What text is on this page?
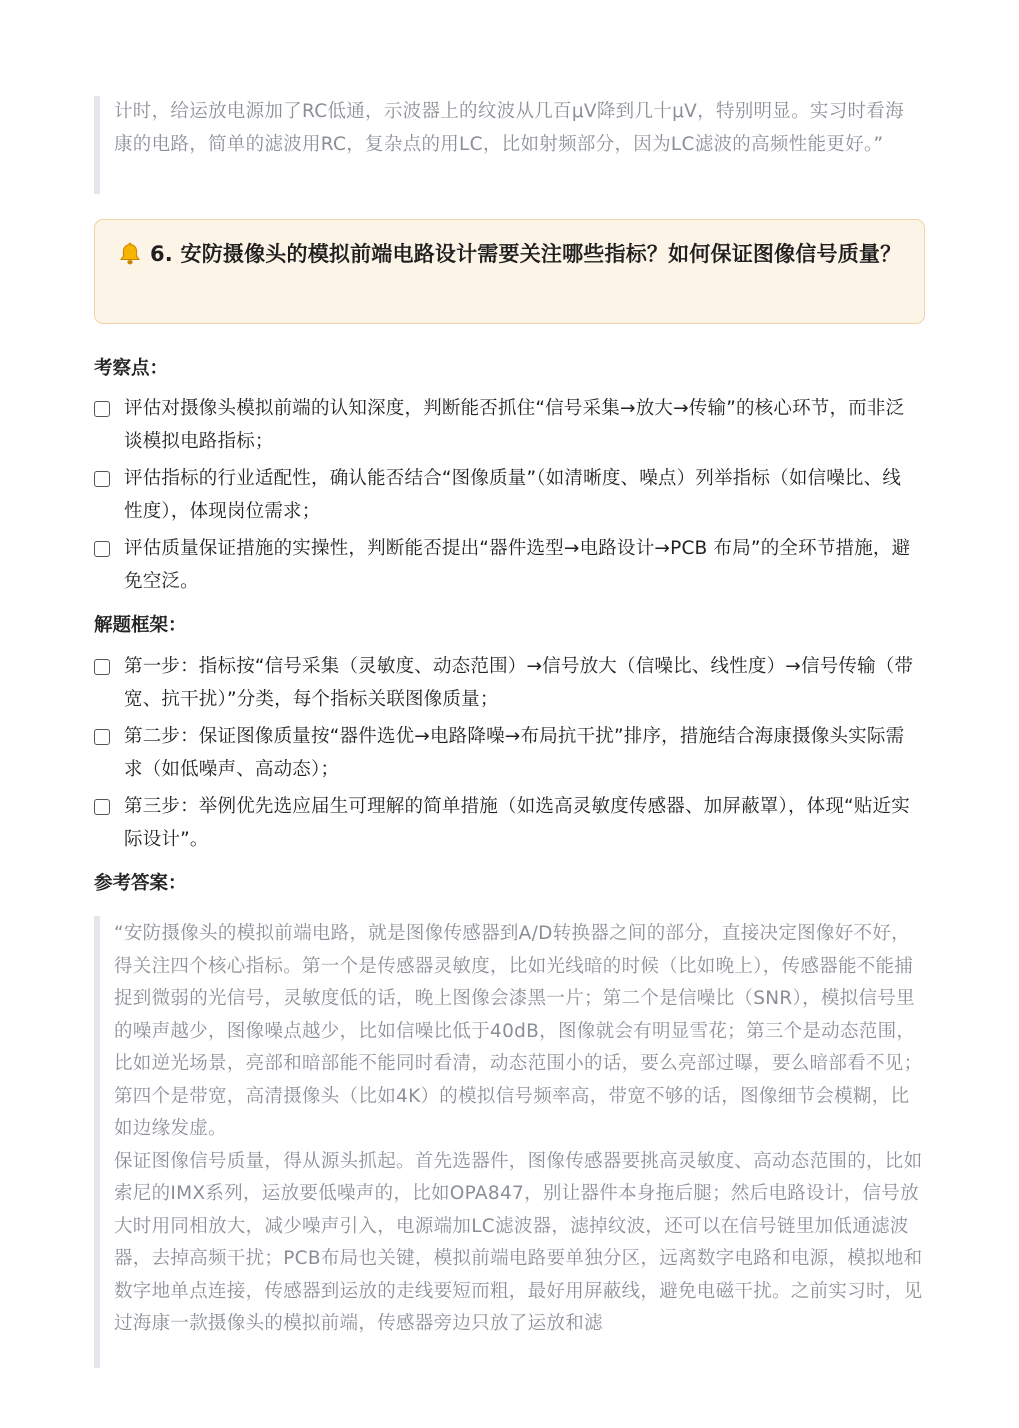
计时，给运放电源加了RC低通，示波器上的纹波从几百μV降到几十μV，特别明显。实习时看海康的电路，简单的滤波用RC，复杂点的用LC，比如射频部分，因为LC滤波的高频性能更好。”

6. 安防摄像头的模拟前端电路设计需要关注哪些指标？如何保证图像信号质量？
考察点：
评估对摄像头模拟前端的认知深度，判断能否抓住“信号采集→放大→传输”的核心环节，而非泛谈模拟电路指标；
评估指标的行业适配性，确认能否结合“图像质量”（如清晰度、噪点）列举指标（如信噪比、线性度），体现岗位需求；
评估质量保证措施的实操性，判断能否提出“器件选型→电路设计→PCB 布局”的全环节措施，避免空泛。
解题框架：
第一步：指标按“信号采集（灵敏度、动态范围）→信号放大（信噪比、线性度）→信号传输（带宽、抗干扰）”分类，每个指标关联图像质量；
第二步：保证图像质量按“器件选优→电路降噪→布局抗干扰”排序，措施结合海康摄像头实际需求（如低噪声、高动态）；
第三步：举例优先选应届生可理解的简单措施（如选高灵敏度传感器、加屏蔽罩），体现“贴近实际设计”。
参考答案：

“安防摄像头的模拟前端电路，就是图像传感器到A/D转换器之间的部分，直接决定图像好不好，得关注四个核心指标。第一个是传感器灵敏度，比如光线暗的时候（比如晚上），传感器能不能捕捉到微弱的光信号，灵敏度低的话，晚上图像会漆黑一片；第二个是信噪比（SNR），模拟信号里的噪声越少，图像噪点越少，比如信噪比低于40dB，图像就会有明显雪花；第三个是动态范围，比如逆光场景，亮部和暗部能不能同时看清，动态范围小的话，要么亮部过曝，要么暗部看不见；第四个是带宽，高清摄像头（比如4K）的模拟信号频率高，带宽不够的话，图像细节会模糊，比如边缘发虚。

保证图像信号质量，得从源头抓起。首先选器件，图像传感器要挑高灵敏度、高动态范围的，比如索尼的IMX系列，运放要低噪声的，比如OPA847，别让器件本身拖后腿；然后电路设计，信号放大时用同相放大，减少噪声引入，电源端加LC滤波器，滤掉纹波，还可以在信号链里加低通滤波器，去掉高频干扰；PCB布局也关键，模拟前端电路要单独分区，远离数字电路和电源，模拟地和数字地单点连接，传感器到运放的走线要短而粗，最好用屏蔽线，避免电磁干扰。之前实习时，见过海康一款摄像头的模拟前端，传感器旁边只放了运放和滤
